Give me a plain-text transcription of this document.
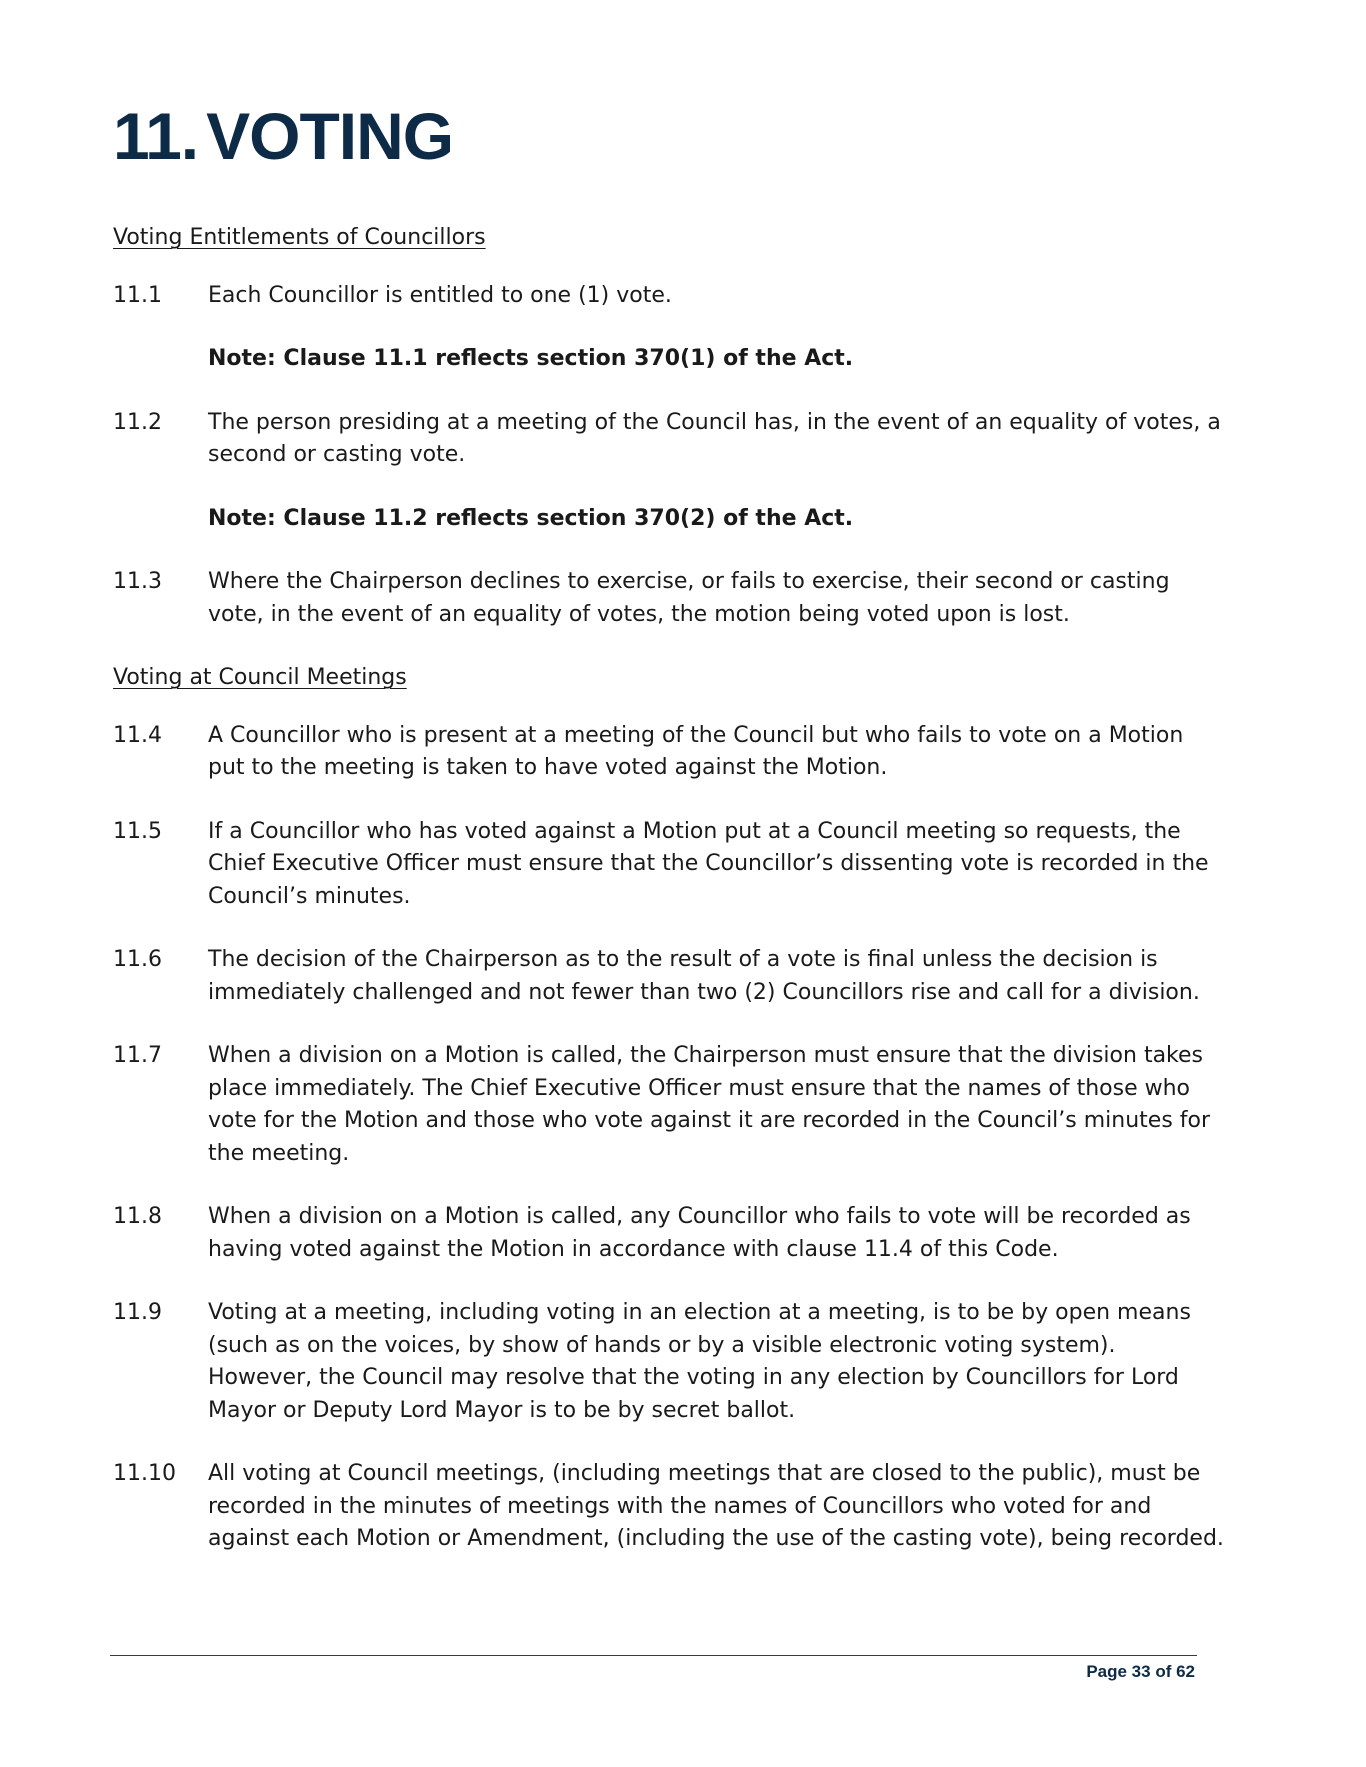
11. VOTING
Voting Entitlements of Councillors
11.1	Each Councillor is entitled to one (1) vote.

Note: Clause 11.1 reflects section 370(1) of the Act.

11.2	The person presiding at a meeting of the Council has, in the event of an equality of votes, a second or casting vote.

Note: Clause 11.2 reflects section 370(2) of the Act.

11.3	Where the Chairperson declines to exercise, or fails to exercise, their second or casting vote, in the event of an equality of votes, the motion being voted upon is lost.

Voting at Council Meetings
11.4	A Councillor who is present at a meeting of the Council but who fails to vote on a Motion put to the meeting is taken to have voted against the Motion.

11.5	If a Councillor who has voted against a Motion put at a Council meeting so requests, the Chief Executive Officer must ensure that the Councillor’s dissenting vote is recorded in the Council’s minutes.

11.6	The decision of the Chairperson as to the result of a vote is final unless the decision is immediately challenged and not fewer than two (2) Councillors rise and call for a division.

11.7	When a division on a Motion is called, the Chairperson must ensure that the division takes place immediately. The Chief Executive Officer must ensure that the names of those who vote for the Motion and those who vote against it are recorded in the Council’s minutes for the meeting.

11.8	When a division on a Motion is called, any Councillor who fails to vote will be recorded as having voted against the Motion in accordance with clause 11.4 of this Code.

11.9	Voting at a meeting, including voting in an election at a meeting, is to be by open means (such as on the voices, by show of hands or by a visible electronic voting system). However, the Council may resolve that the voting in any election by Councillors for Lord Mayor or Deputy Lord Mayor is to be by secret ballot.

11.10	All voting at Council meetings, (including meetings that are closed to the public), must be recorded in the minutes of meetings with the names of Councillors who voted for and against each Motion or Amendment, (including the use of the casting vote), being recorded.

Page 33 of 62
